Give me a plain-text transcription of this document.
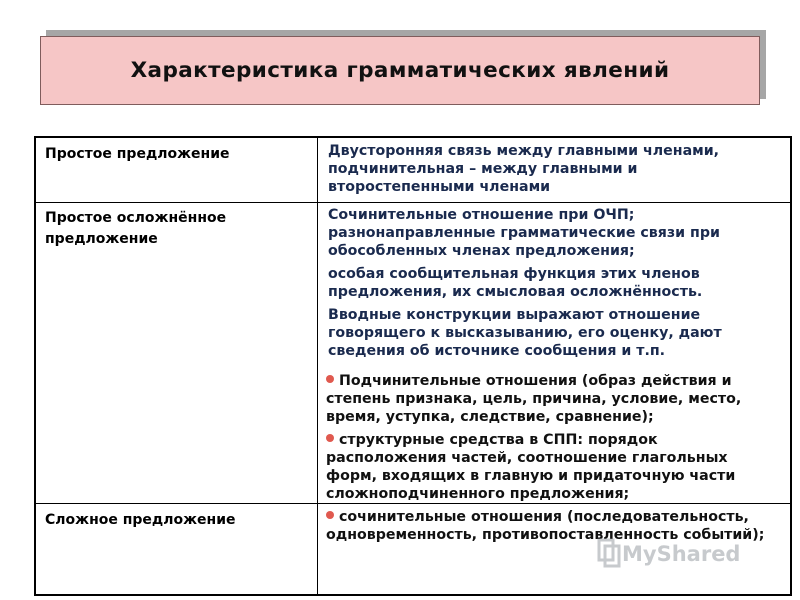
Характеристика грамматических явлений
Простое предложение	Двусторонняя связь между главными членами, подчинительная – между главными и второстепенными членами

Простое осложнённое предложение

Сочинительные отношение при ОЧП; разнонаправленные грамматические связи при обособленных членах предложения;

особая сообщительная функция этих членов предложения, их смысловая осложнённость.

Вводные конструкции выражают отношение говорящего к высказыванию, его оценку, дают сведения об источнике сообщения и т.п.

Сложное предложение

Подчинительные отношения (образ действия и степень признака, цель, причина, условие, место, время, уступка, следствие, сравнение);

структурные средства в СПП: порядок расположения частей, соотношение глагольных форм, входящих в главную и придаточную части сложноподчиненного предложения;

сочинительные отношения (последовательность, одновременность, противопоставленность событий);

MyShared
